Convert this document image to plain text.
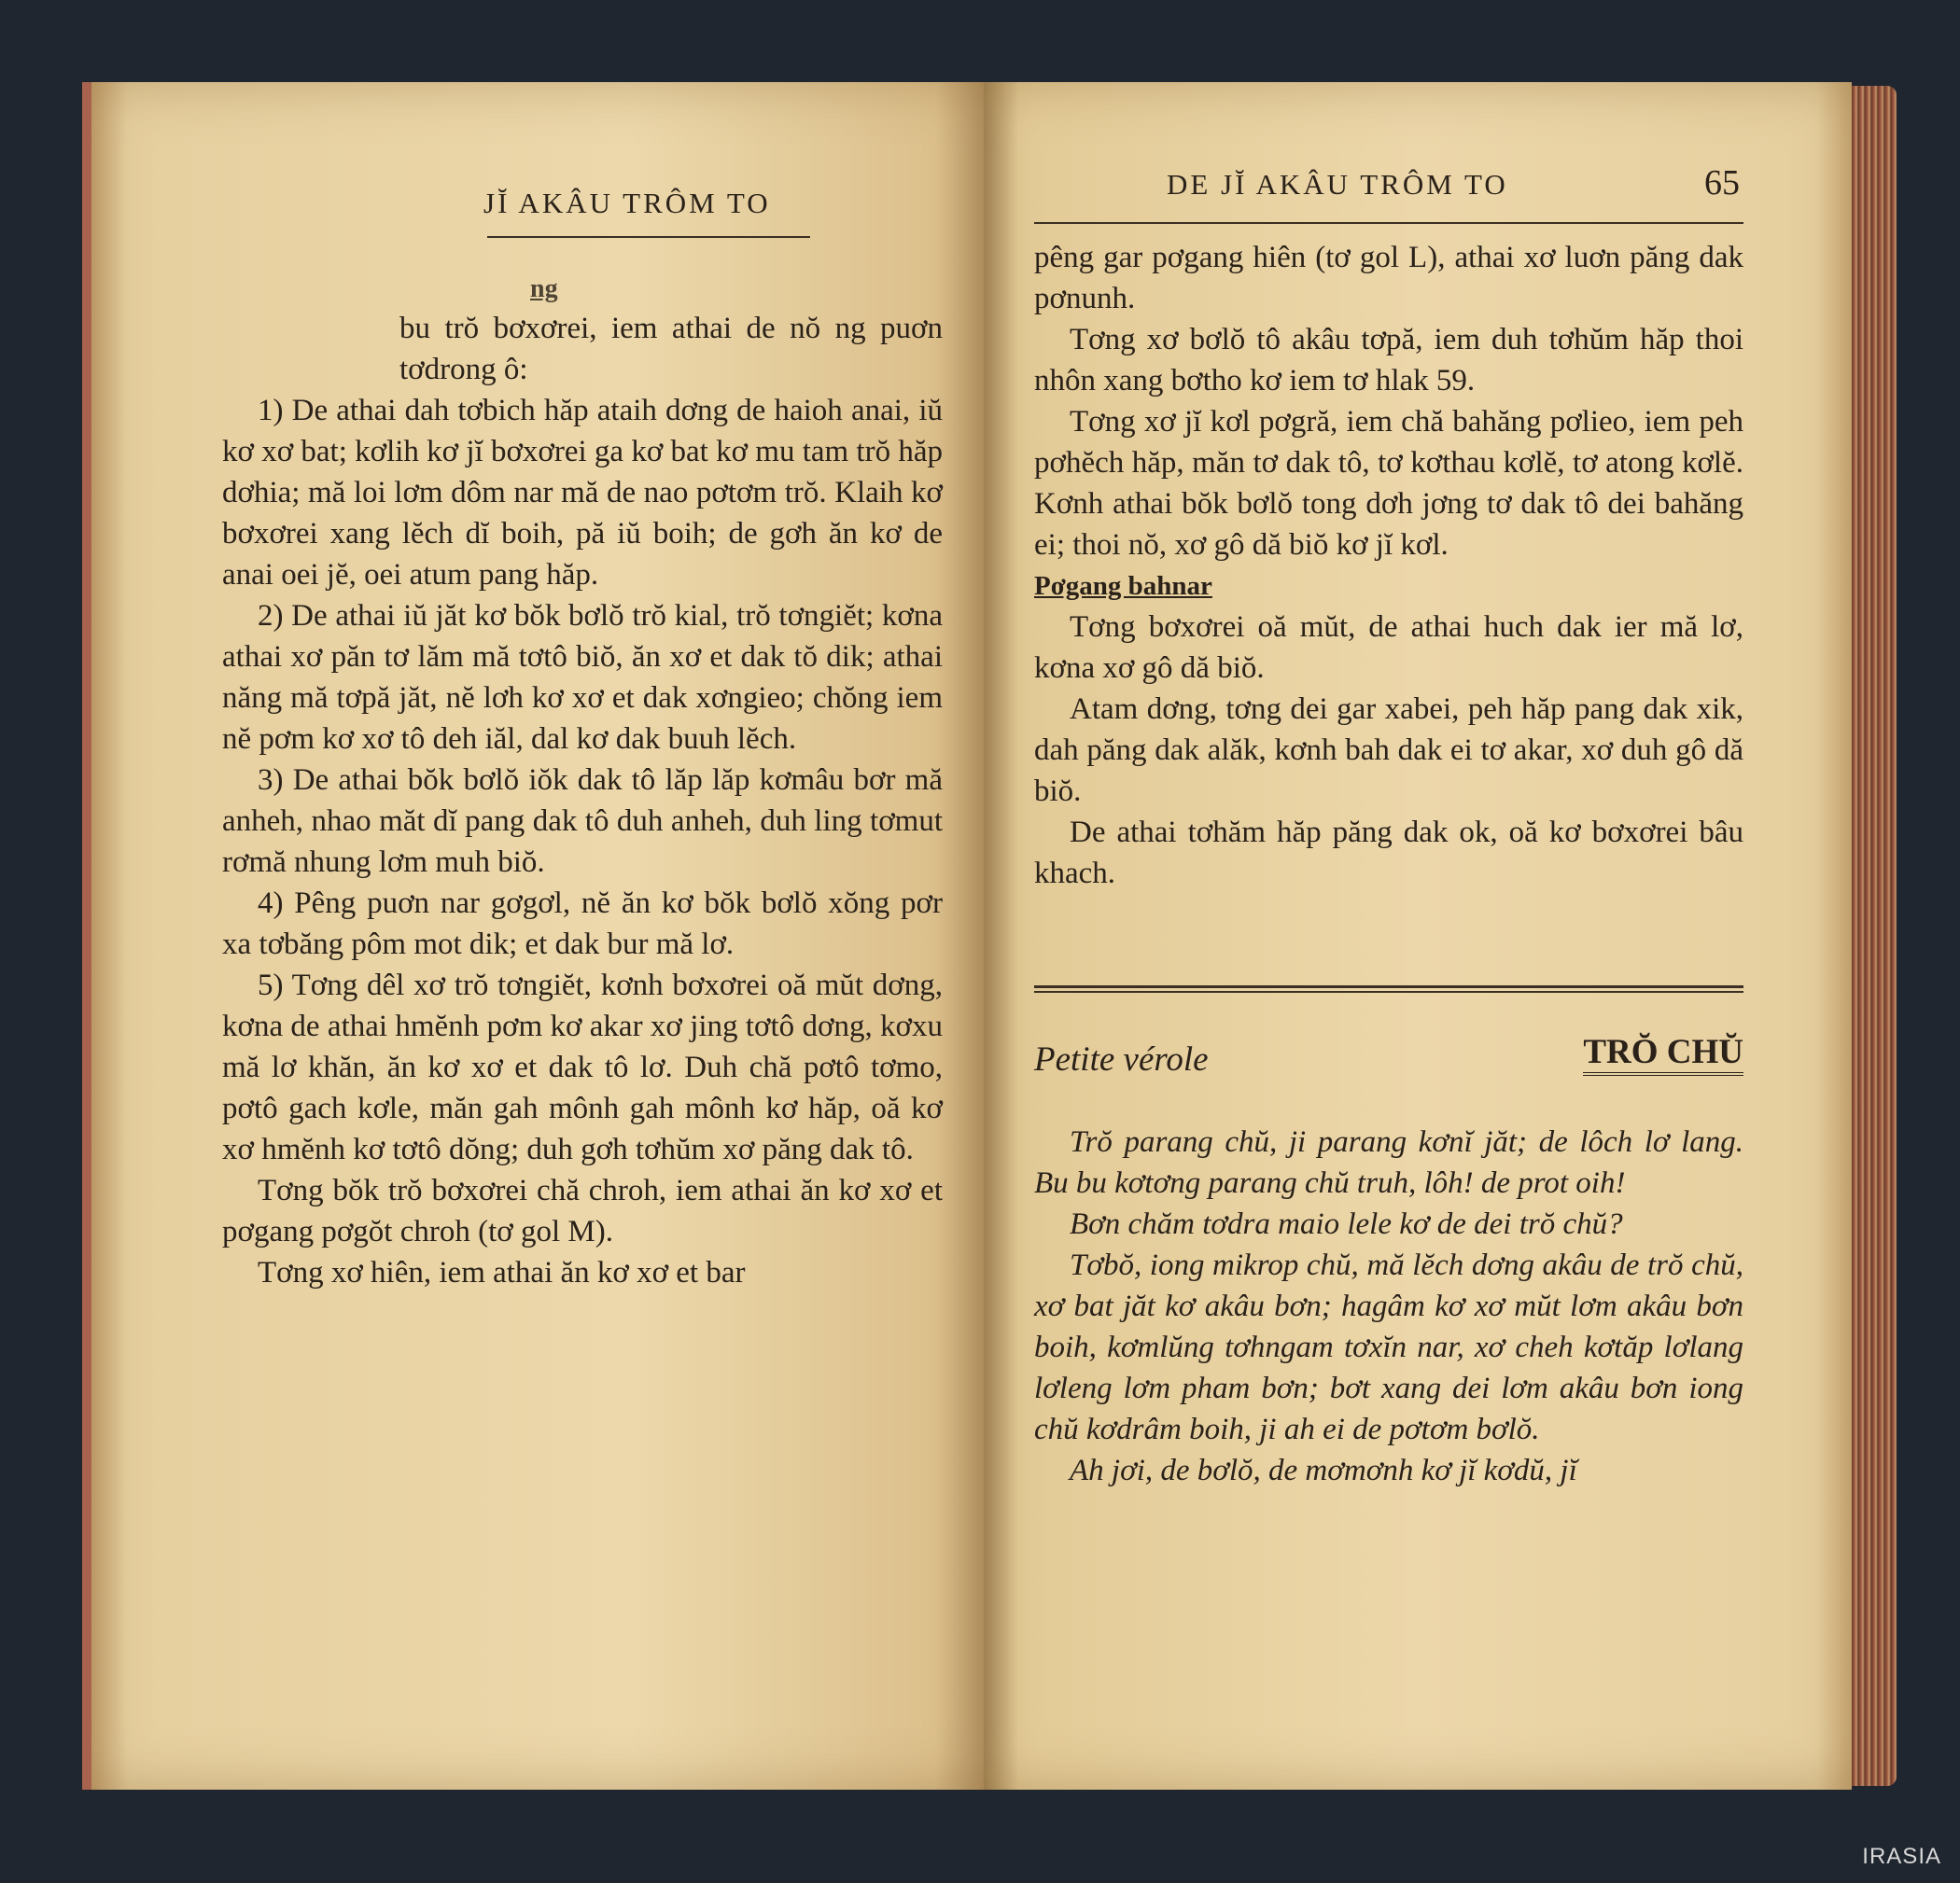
JĬ AKÂU TRÔM TO
ng

bu trŏ bơxơrei, iem athai de nŏ ng puơn tơdrong ô:

1) De athai dah tơbich hăp ataih dơng de haioh anai, iŭ kơ xơ bat; kơlih kơ jĭ bơxơrei ga kơ bat kơ mu tam trŏ hăp dơhia; mă loi lơm dôm nar mă de nao pơtơm trŏ. Klaih kơ bơxơrei xang lĕch dĭ boih, pă iŭ boih; de gơh ăn kơ de anai oei jĕ, oei atum pang hăp.

2) De athai iŭ jăt kơ bŏk bơlŏ trŏ kial, trŏ tơngiĕt; kơna athai xơ păn tơ lăm mă tơtô biŏ, ăn xơ et dak tŏ dik; athai năng mă tơpă jăt, nĕ lơh kơ xơ et dak xơngieo; chŏng iem nĕ pơm kơ xơ tô deh iăl, dal kơ dak buuh lĕch.

3) De athai bŏk bơlŏ iŏk dak tô lăp lăp kơmâu bơr mă anheh, nhao măt dĭ pang dak tô duh anheh, duh ling tơmut rơmă nhung lơm muh biŏ.

4) Pêng puơn nar gơgơl, nĕ ăn kơ bŏk bơlŏ xŏng pơr xa tơbăng pôm mot dik; et dak bur mă lơ.

5) Tơng dêl xơ trŏ tơngiĕt, kơnh bơxơrei oă mŭt dơng, kơna de athai hmĕnh pơm kơ akar xơ jing tơtô dơng, kơxu mă lơ khăn, ăn kơ xơ et dak tô lơ. Duh chă pơtô tơmo, pơtô gach kơle, măn gah mônh gah mônh kơ hăp, oă kơ xơ hmĕnh kơ tơtô dŏng; duh gơh tơhŭm xơ păng dak tô.

Tơng bŏk trŏ bơxơrei chă chroh, iem athai ăn kơ xơ et pơgang pơgŏt chroh (tơ gol M).

Tơng xơ hiên, iem athai ăn kơ xơ et bar

DE JĬ AKÂU TRÔM TO	65

pêng gar pơgang hiên (tơ gol L), athai xơ luơn păng dak pơnunh.

Tơng xơ bơlŏ tô akâu tơpă, iem duh tơhŭm hăp thoi nhôn xang bơtho kơ iem tơ hlak 59.

Tơng xơ jĭ kơl pơgră, iem chă bahăng pơlieo, iem peh pơhĕch hăp, măn tơ dak tô, tơ kơthau kơlĕ, tơ atong kơlĕ. Kơnh athai bŏk bơlŏ tong dơh jơng tơ dak tô dei bahăng ei; thoi nŏ, xơ gô dă biŏ kơ jĭ kơl.

Pơgang bahnar

Tơng bơxơrei oă mŭt, de athai huch dak ier mă lơ, kơna xơ gô dă biŏ.

Atam dơng, tơng dei gar xabei, peh hăp pang dak xik, dah păng dak alăk, kơnh bah dak ei tơ akar, xơ duh gô dă biŏ.

De athai tơhăm hăp păng dak ok, oă kơ bơxơrei bâu khach.

Petite vérole	TRŎ CHŬ

Trŏ parang chŭ, ji parang kơnĭ jăt; de lôch lơ lang. Bu bu kơtơng parang chŭ truh, lôh! de prot oih!

Bơn chăm tơdra maio lele kơ de dei trŏ chŭ?

Tơbŏ, iong mikrop chŭ, mă lĕch dơng akâu de trŏ chŭ, xơ bat jăt kơ akâu bơn; hagâm kơ xơ mŭt lơm akâu bơn boih, kơmlŭng tơhngam tơxĭn nar, xơ cheh kơtăp lơlang lơleng lơm pham bơn; bơt xang dei lơm akâu bơn iong chŭ kơdrâm boih, ji ah ei de pơtơm bơlŏ.

Ah jơi, de bơlŏ, de mơmơnh kơ jĭ kơdŭ, jĭ

IRASIA
